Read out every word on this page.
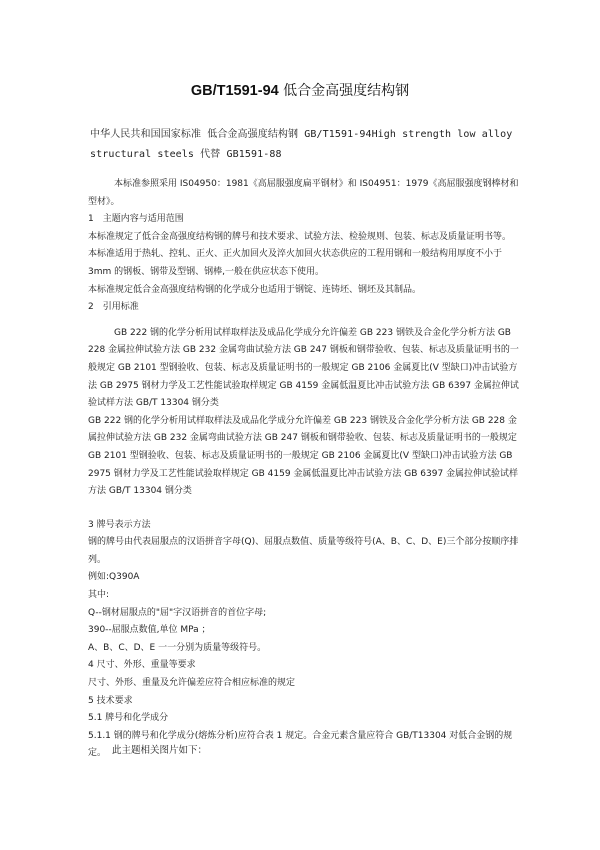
GB/T1591-94 低合金高强度结构钢
中华人民共和国国家标准 低合金高强度结构钢 GB/T1591-94High strength low alloy structural steels 代替 GB1591-88

本标准参照采用 IS04950：1981《高屈服强度扁平钢材》和 IS04951：1979《高屈服强度钢棒材和型材》。

1　主题内容与适用范围

本标准规定了低合金高强度结构钢的牌号和技术要求、试验方法、检验规则、包装、标志及质量证明书等。

本标准适用于热轧、控轧、正火、正火加回火及淬火加回火状态供应的工程用钢和一般结构用厚度不小于 3mm 的钢板、钢带及型钢、钢棒,一般在供应状态下使用。

本标准规定低合金高强度结构钢的化学成分也适用于钢锭、连铸坯、钢坯及其制品。

2　引用标准

GB 222 钢的化学分析用试样取样法及成品化学成分允许偏差 GB 223 钢铁及合金化学分析方法 GB 228 金属拉伸试验方法 GB 232 金属弯曲试验方法 GB 247 钢板和钢带验收、包装、标志及质量证明书的一般规定 GB 2101 型钢验收、包装、标志及质量证明书的一般规定 GB 2106 金属夏比(V 型缺口)冲击试验方法 GB 2975 钢材力学及工艺性能试验取样规定 GB 4159 金属低温夏比冲击试验方法 GB 6397 金属拉伸试验试样方法 GB/T 13304 钢分类

GB 222 钢的化学分析用试样取样法及成品化学成分允许偏差 GB 223 钢铁及合金化学分析方法 GB 228 金属拉伸试验方法 GB 232 金属弯曲试验方法 GB 247 钢板和钢带验收、包装、标志及质量证明书的一般规定 GB 2101 型钢验收、包装、标志及质量证明书的一般规定 GB 2106 金属夏比(V 型缺口)冲击试验方法 GB 2975 钢材力学及工艺性能试验取样规定 GB 4159 金属低温夏比冲击试验方法 GB 6397 金属拉伸试验试样方法 GB/T 13304 钢分类

3 牌号表示方法

钢的牌号由代表屈服点的汉语拼音字母(Q)、屈服点数值、质量等级符号(A、B、C、D、E)三个部分按顺序排列。

例如:Q390A

其中:

Q--钢材屈服点的"屈"字汉语拼音的首位字母;

390--屈服点数值,单位 MPa ；

A、B、C、D、E 一一分别为质量等级符号。

4 尺寸、外形、重量等要求

尺寸、外形、重量及允许偏差应符合相应标准的规定

5 技术要求

5.1 牌号和化学成分

5.1.1 钢的牌号和化学成分(熔炼分析)应符合表 1 规定。合金元素含量应符合 GB/T13304 对低合金钢的规定。 此主题相关图片如下：
